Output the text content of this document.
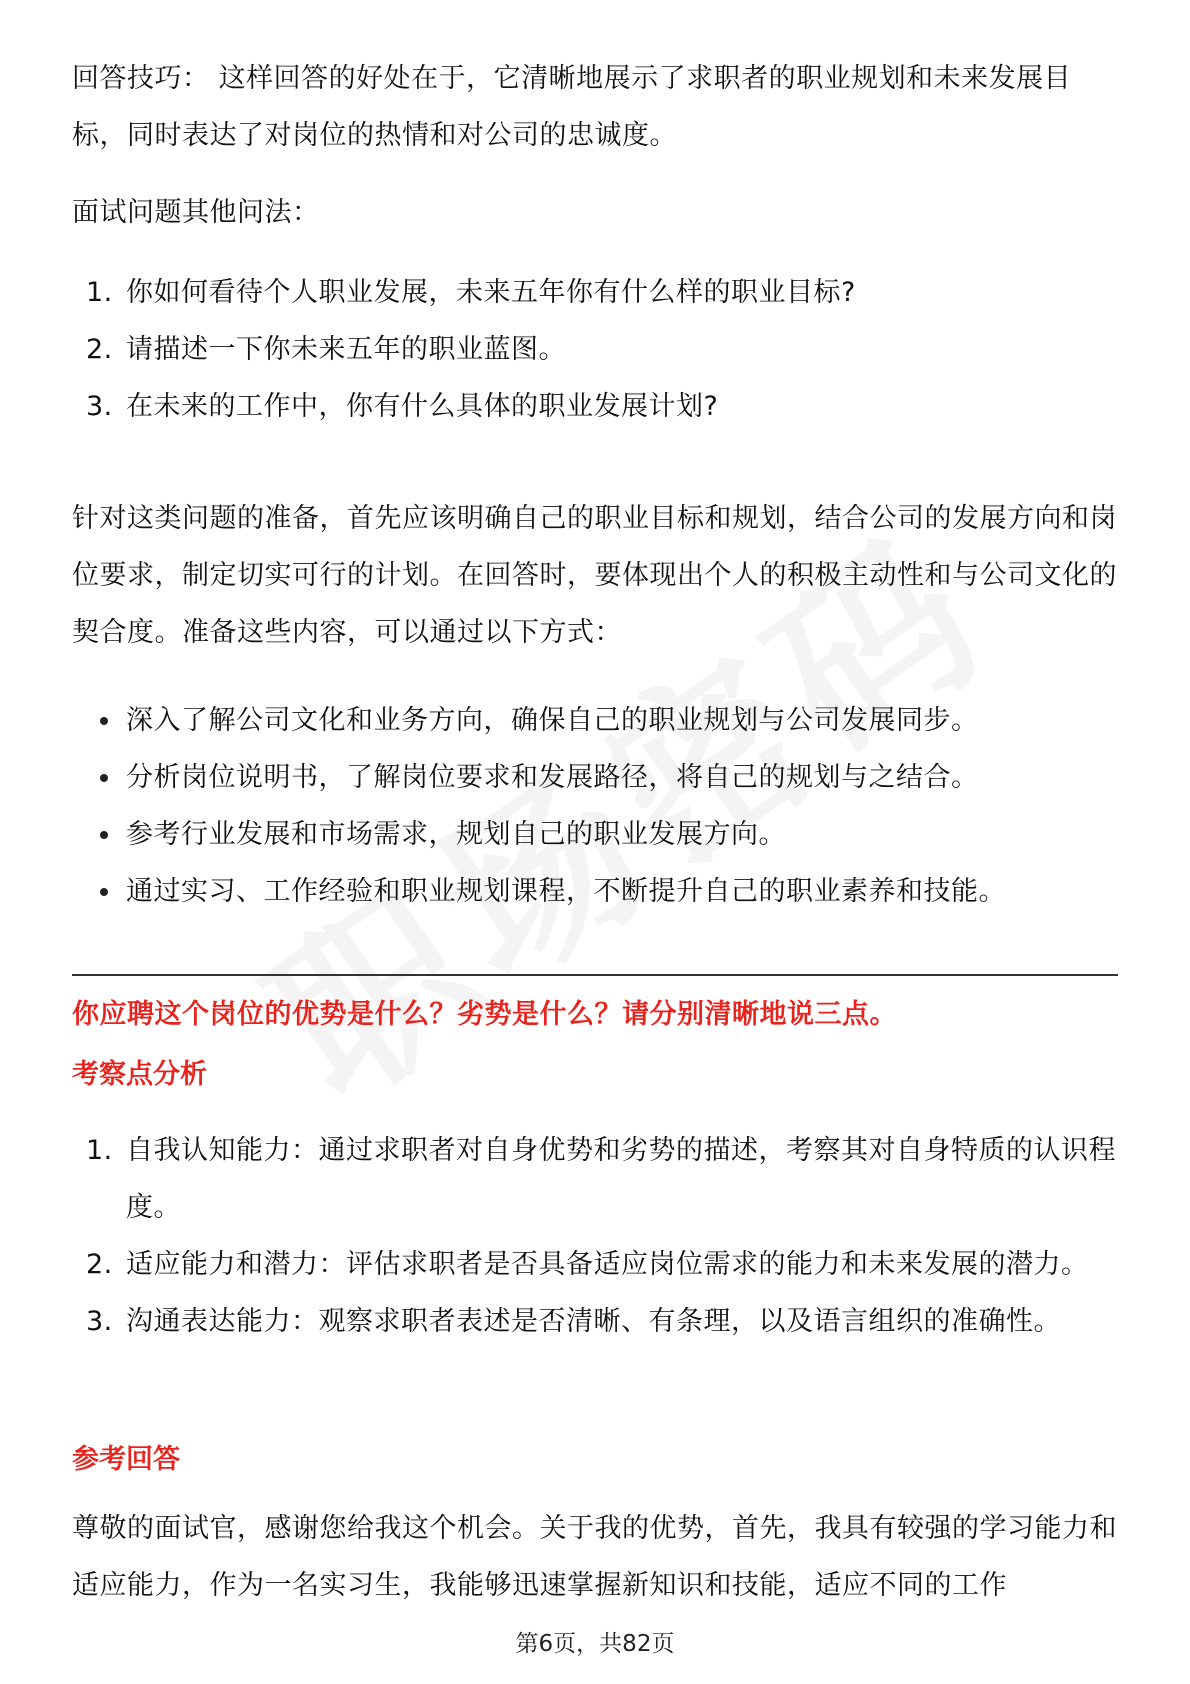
回答技巧： 这样回答的好处在于，它清晰地展示了求职者的职业规划和未来发展目标，同时表达了对岗位的热情和对公司的忠诚度。

面试问题其他问法：

1. 你如何看待个人职业发展，未来五年你有什么样的职业目标?
2. 请描述一下你未来五年的职业蓝图。
3. 在未来的工作中，你有什么具体的职业发展计划?

针对这类问题的准备，首先应该明确自己的职业目标和规划，结合公司的发展方向和岗位要求，制定切实可行的计划。在回答时，要体现出个人的积极主动性和与公司文化的契合度。准备这些内容，可以通过以下方式：

深入了解公司文化和业务方向，确保自己的职业规划与公司发展同步。
分析岗位说明书，了解岗位要求和发展路径，将自己的规划与之结合。
参考行业发展和市场需求，规划自己的职业发展方向。
通过实习、工作经验和职业规划课程，不断提升自己的职业素养和技能。

你应聘这个岗位的优势是什么？劣势是什么？请分别清晰地说三点。

考察点分析

1. 自我认知能力：通过求职者对自身优势和劣势的描述，考察其对自身特质的认识程度。
2. 适应能力和潜力：评估求职者是否具备适应岗位需求的能力和未来发展的潜力。
3. 沟通表达能力：观察求职者表述是否清晰、有条理，以及语言组织的准确性。

参考回答

尊敬的面试官，感谢您给我这个机会。关于我的优势，首先，我具有较强的学习能力和适应能力，作为一名实习生，我能够迅速掌握新知识和技能，适应不同的工作

第6页，共82页
